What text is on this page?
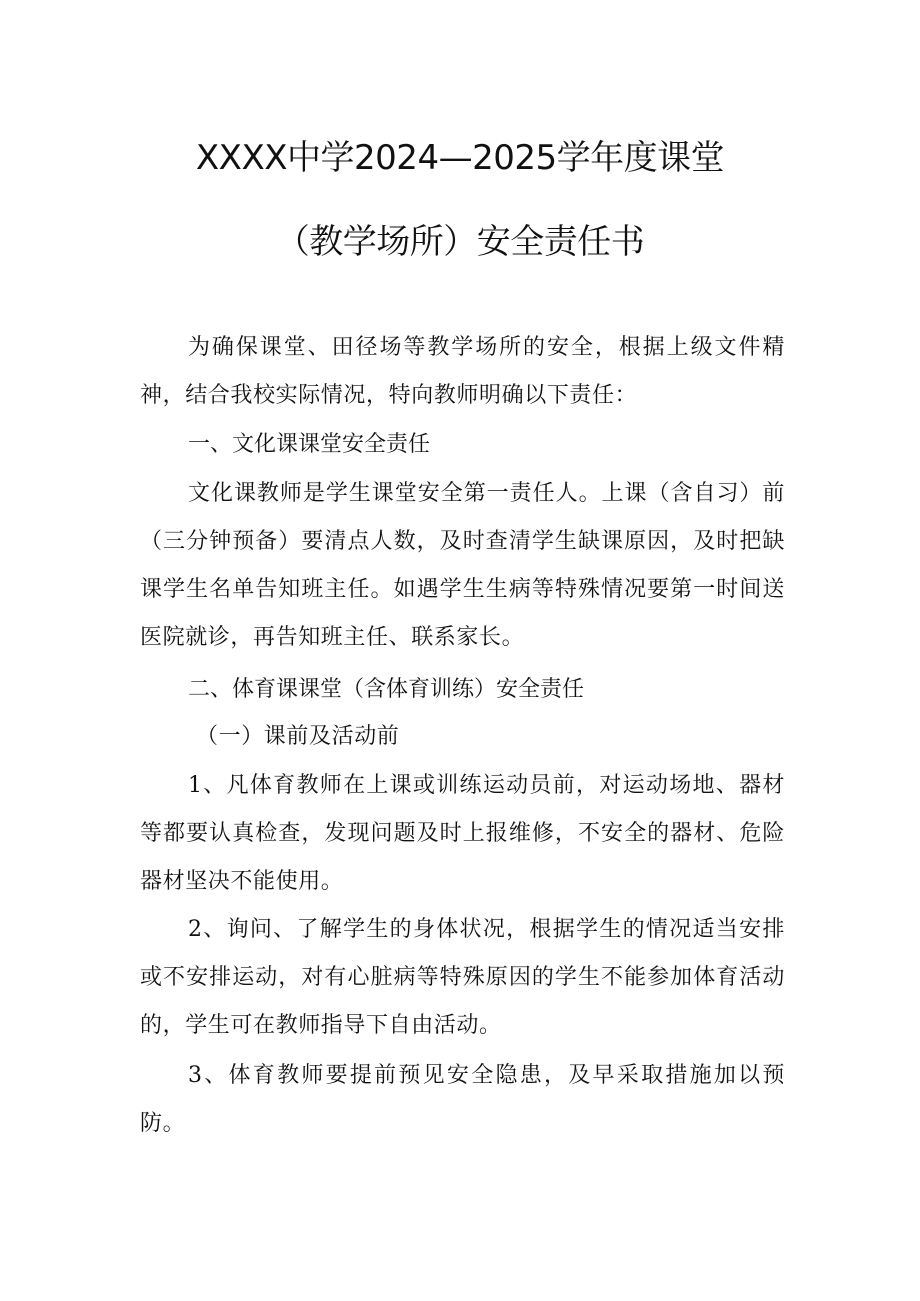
XXXX中学2024—2025学年度课堂
（教学场所）安全责任书
为确保课堂、田径场等教学场所的安全，根据上级文件精神，结合我校实际情况，特向教师明确以下责任：
一、文化课课堂安全责任
文化课教师是学生课堂安全第一责任人。上课（含自习）前（三分钟预备）要清点人数，及时查清学生缺课原因，及时把缺课学生名单告知班主任。如遇学生生病等特殊情况要第一时间送医院就诊，再告知班主任、联系家长。
二、体育课课堂（含体育训练）安全责任
（一）课前及活动前
1、凡体育教师在上课或训练运动员前，对运动场地、器材等都要认真检查，发现问题及时上报维修，不安全的器材、危险器材坚决不能使用。
2、询问、了解学生的身体状况，根据学生的情况适当安排或不安排运动，对有心脏病等特殊原因的学生不能参加体育活动的，学生可在教师指导下自由活动。
3、体育教师要提前预见安全隐患，及早采取措施加以预防。
